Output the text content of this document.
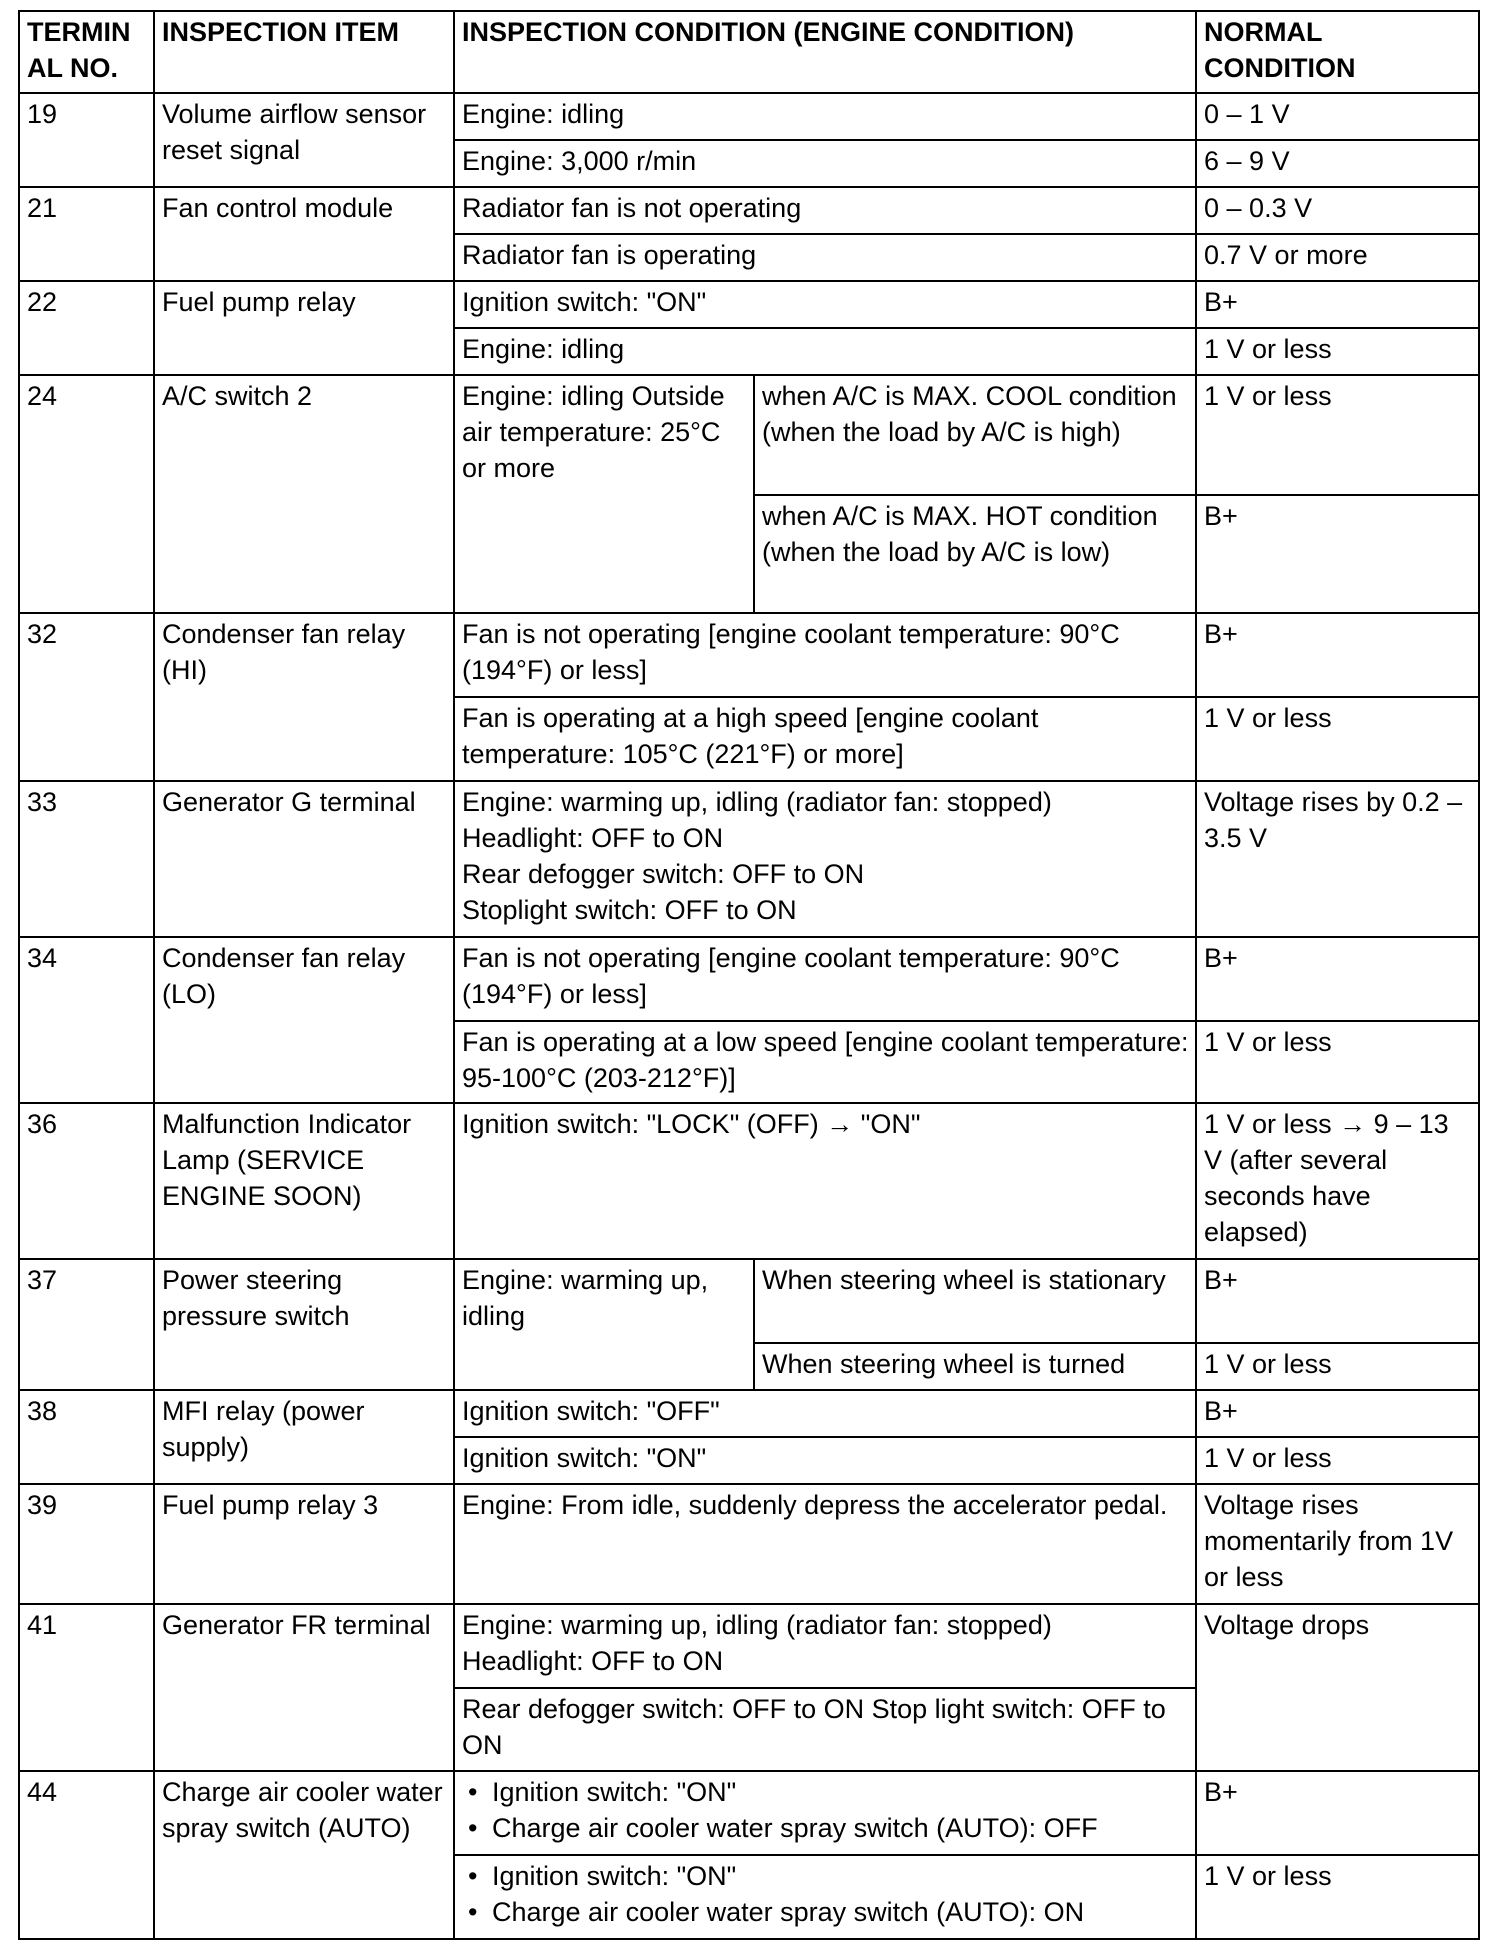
TERMIN AL NO.	INSPECTION ITEM	INSPECTION CONDITION (ENGINE CONDITION)		NORMAL CONDITION
19	Volume airflow sensor reset signal	Engine: idling		0 – 1 V
		Engine: 3,000 r/min		6 – 9 V
21	Fan control module	Radiator fan is not operating		0 – 0.3 V
		Radiator fan is operating		0.7 V or more
22	Fuel pump relay	Ignition switch: "ON"		B+
		Engine: idling		1 V or less
24	A/C switch 2	Engine: idling Outside air temperature: 25°C or more	when A/C is MAX. COOL condition (when the load by A/C is high)	1 V or less
			when A/C is MAX. HOT condition (when the load by A/C is low)	B+
32	Condenser fan relay (HI)	Fan is not operating [engine coolant temperature: 90°C (194°F) or less]		B+
		Fan is operating at a high speed [engine coolant temperature: 105°C (221°F) or more]		1 V or less
33	Generator G terminal	Engine: warming up, idling (radiator fan: stopped)
Headlight: OFF to ON
Rear defogger switch: OFF to ON
Stoplight switch: OFF to ON		Voltage rises by 0.2 – 3.5 V
34	Condenser fan relay (LO)	Fan is not operating [engine coolant temperature: 90°C (194°F) or less]		B+
		Fan is operating at a low speed [engine coolant temperature: 95-100°C (203-212°F)]		1 V or less
36	Malfunction Indicator Lamp (SERVICE ENGINE SOON)	Ignition switch: "LOCK" (OFF) → "ON"		1 V or less → 9 – 13 V (after several seconds have elapsed)
37	Power steering pressure switch	Engine: warming up, idling	When steering wheel is stationary	B+
			When steering wheel is turned	1 V or less
38	MFI relay (power supply)	Ignition switch: "OFF"		B+
		Ignition switch: "ON"		1 V or less
39	Fuel pump relay 3	Engine: From idle, suddenly depress the accelerator pedal.		Voltage rises momentarily from 1V or less
41	Generator FR terminal	Engine: warming up, idling (radiator fan: stopped)
Headlight: OFF to ON		Voltage drops
		Rear defogger switch: OFF to ON Stop light switch: OFF to ON		
44	Charge air cooler water spray switch (AUTO)	• Ignition switch: "ON"
• Charge air cooler water spray switch (AUTO): OFF		B+

		• Ignition switch: "ON"
• Charge air cooler water spray switch (AUTO): ON		1 V or less
